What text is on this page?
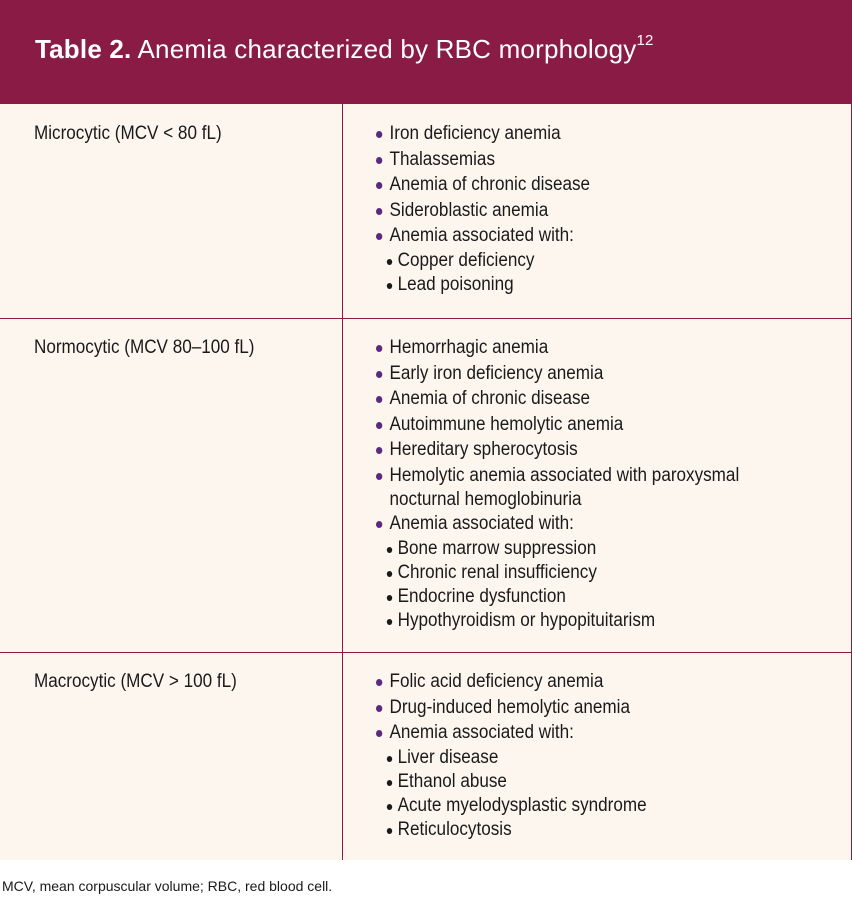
Table 2. Anemia characterized by RBC morphology$^{12}$
Microcytic (MCV < 80 fL)	Iron deficiency anemia
Thalassemias
Anemia of chronic disease
Sideroblastic anemia
Anemia associated with:
Copper deficiency
Lead poisoning
Normocytic (MCV 80–100 fL)	Hemorrhagic anemia
Early iron deficiency anemia
Anemia of chronic disease
Autoimmune hemolytic anemia
Hereditary spherocytosis
Hemolytic anemia associated with paroxysmal
nocturnal hemoglobinuria
Anemia associated with:
Bone marrow suppression
Chronic renal insufficiency
Endocrine dysfunction
Hypothyroidism or hypopituitarism
Macrocytic (MCV > 100 fL)	Folic acid deficiency anemia
Drug-induced hemolytic anemia
Anemia associated with:
Liver disease
Ethanol abuse
Acute myelodysplastic syndrome
Reticulocytosis
MCV, mean corpuscular volume; RBC, red blood cell.
